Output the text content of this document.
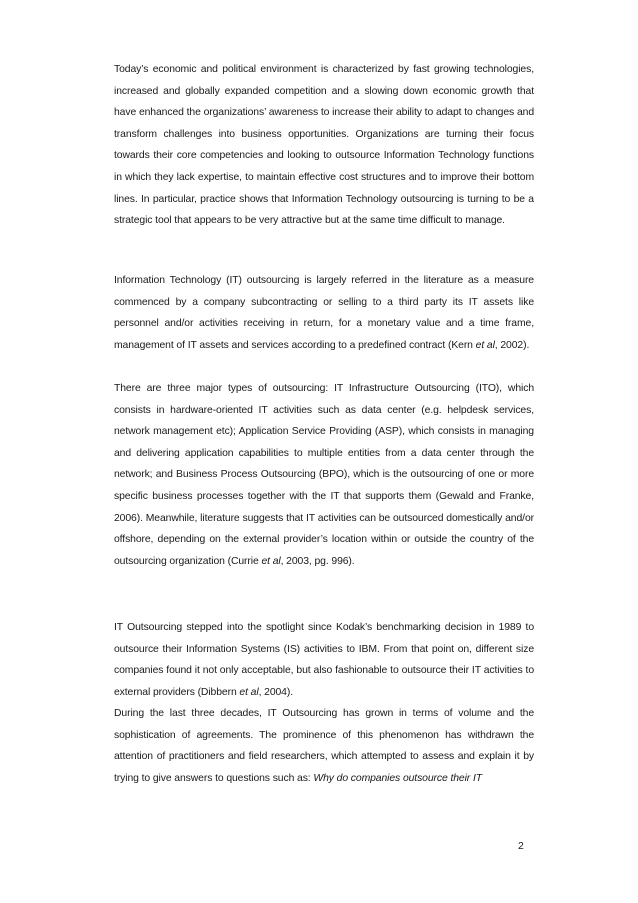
Today’s economic and political environment is characterized by fast growing technologies, increased and globally expanded competition and a slowing down economic growth that have enhanced the organizations’ awareness to increase their ability to adapt to changes and transform challenges into business opportunities. Organizations are turning their focus towards their core competencies and looking to outsource Information Technology functions in which they lack expertise, to maintain effective cost structures and to improve their bottom lines. In particular, practice shows that Information Technology outsourcing is turning to be a strategic tool that appears to be very attractive but at the same time difficult to manage.

Information Technology (IT) outsourcing is largely referred in the literature as a measure commenced by a company subcontracting or selling to a third party its IT assets like personnel and/or activities receiving in return, for a monetary value and a time frame, management of IT assets and services according to a predefined contract (Kern et al, 2002).

There are three major types of outsourcing: IT Infrastructure Outsourcing (ITO), which consists in hardware-oriented IT activities such as data center (e.g. helpdesk services, network management etc); Application Service Providing (ASP), which consists in managing and delivering application capabilities to multiple entities from a data center through the network; and Business Process Outsourcing (BPO), which is the outsourcing of one or more specific business processes together with the IT that supports them (Gewald and Franke, 2006). Meanwhile, literature suggests that IT activities can be outsourced domestically and/or offshore, depending on the external provider’s location within or outside the country of the outsourcing organization (Currie et al, 2003, pg. 996).

IT Outsourcing stepped into the spotlight since Kodak’s benchmarking decision in 1989 to outsource their Information Systems (IS) activities to IBM. From that point on, different size companies found it not only acceptable, but also fashionable to outsource their IT activities to external providers (Dibbern et al, 2004).

During the last three decades, IT Outsourcing has grown in terms of volume and the sophistication of agreements. The prominence of this phenomenon has withdrawn the attention of practitioners and field researchers, which attempted to assess and explain it by trying to give answers to questions such as: Why do companies outsource their IT

2
